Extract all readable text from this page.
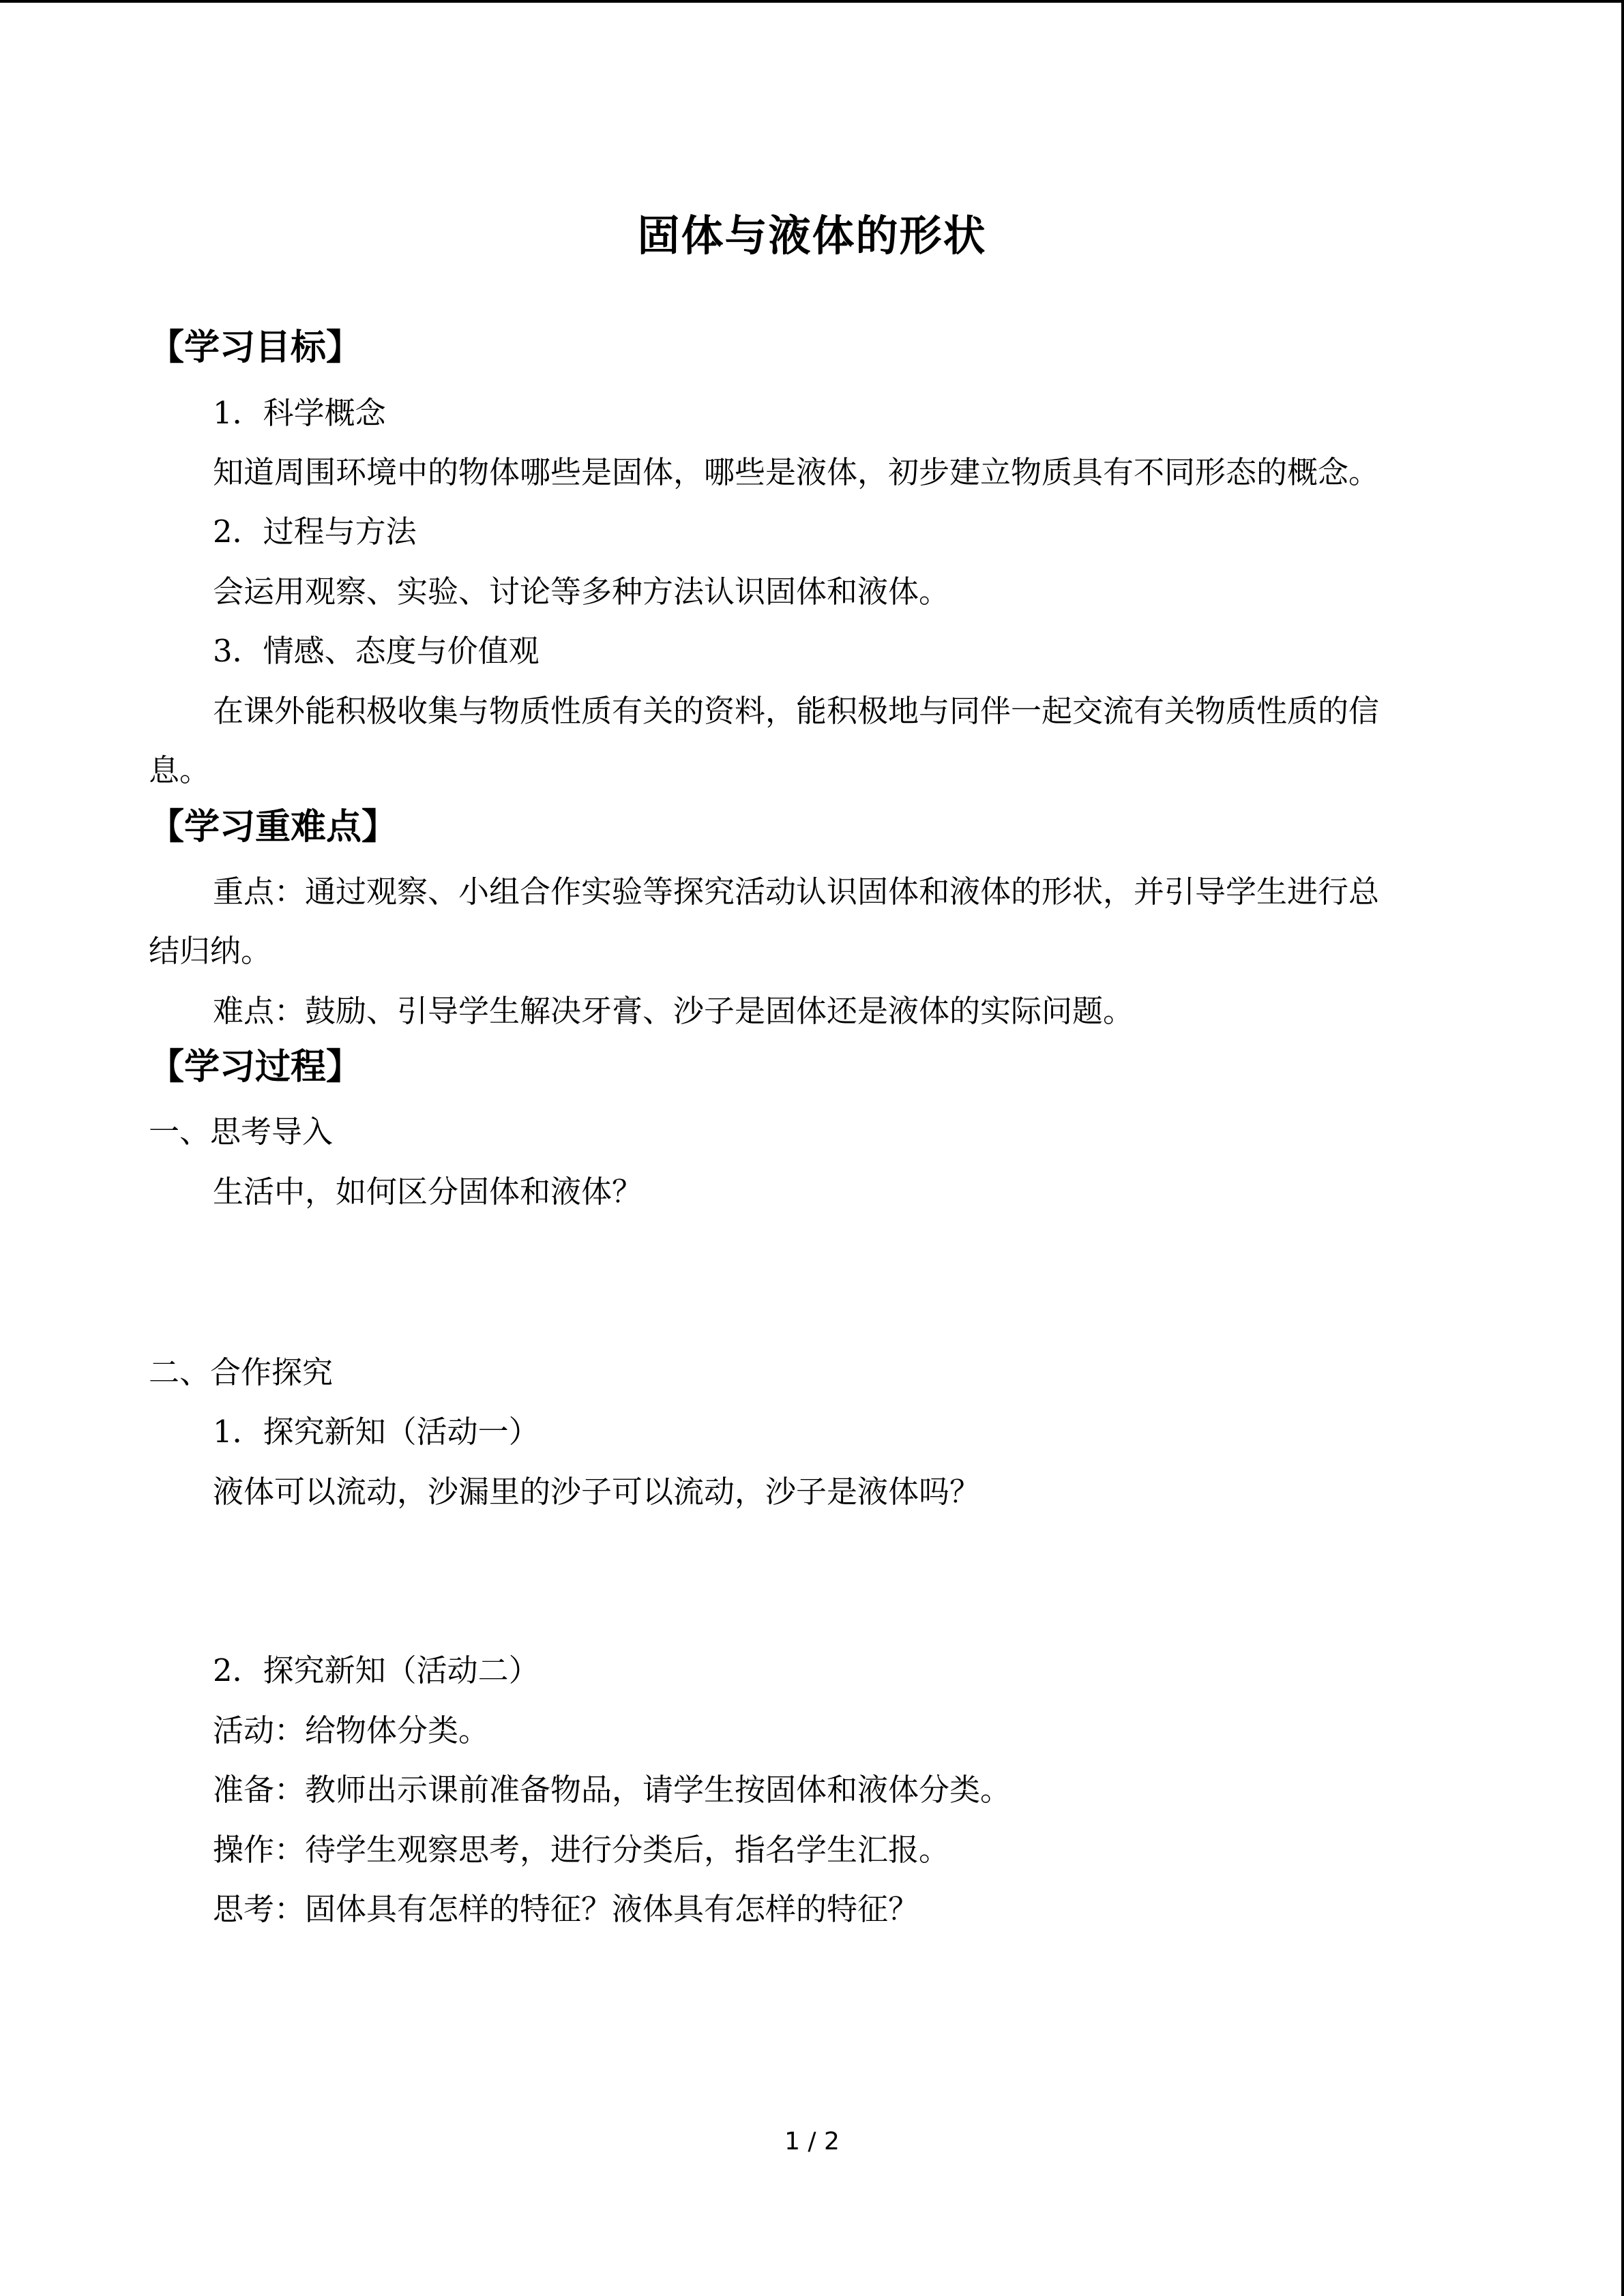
固体与液体的形状
【学习目标】
1．科学概念
知道周围环境中的物体哪些是固体，哪些是液体，初步建立物质具有不同形态的概念。
2．过程与方法
会运用观察、实验、讨论等多种方法认识固体和液体。
3．情感、态度与价值观
在课外能积极收集与物质性质有关的资料，能积极地与同伴一起交流有关物质性质的信
息。
【学习重难点】
重点：通过观察、小组合作实验等探究活动认识固体和液体的形状，并引导学生进行总
结归纳。
难点：鼓励、引导学生解决牙膏、沙子是固体还是液体的实际问题。
【学习过程】
一、思考导入
生活中，如何区分固体和液体？
二、合作探究
1．探究新知（活动一）
液体可以流动，沙漏里的沙子可以流动，沙子是液体吗？
2．探究新知（活动二）
活动：给物体分类。
准备：教师出示课前准备物品，请学生按固体和液体分类。
操作：待学生观察思考，进行分类后，指名学生汇报。
思考：固体具有怎样的特征？液体具有怎样的特征？
1 / 2
